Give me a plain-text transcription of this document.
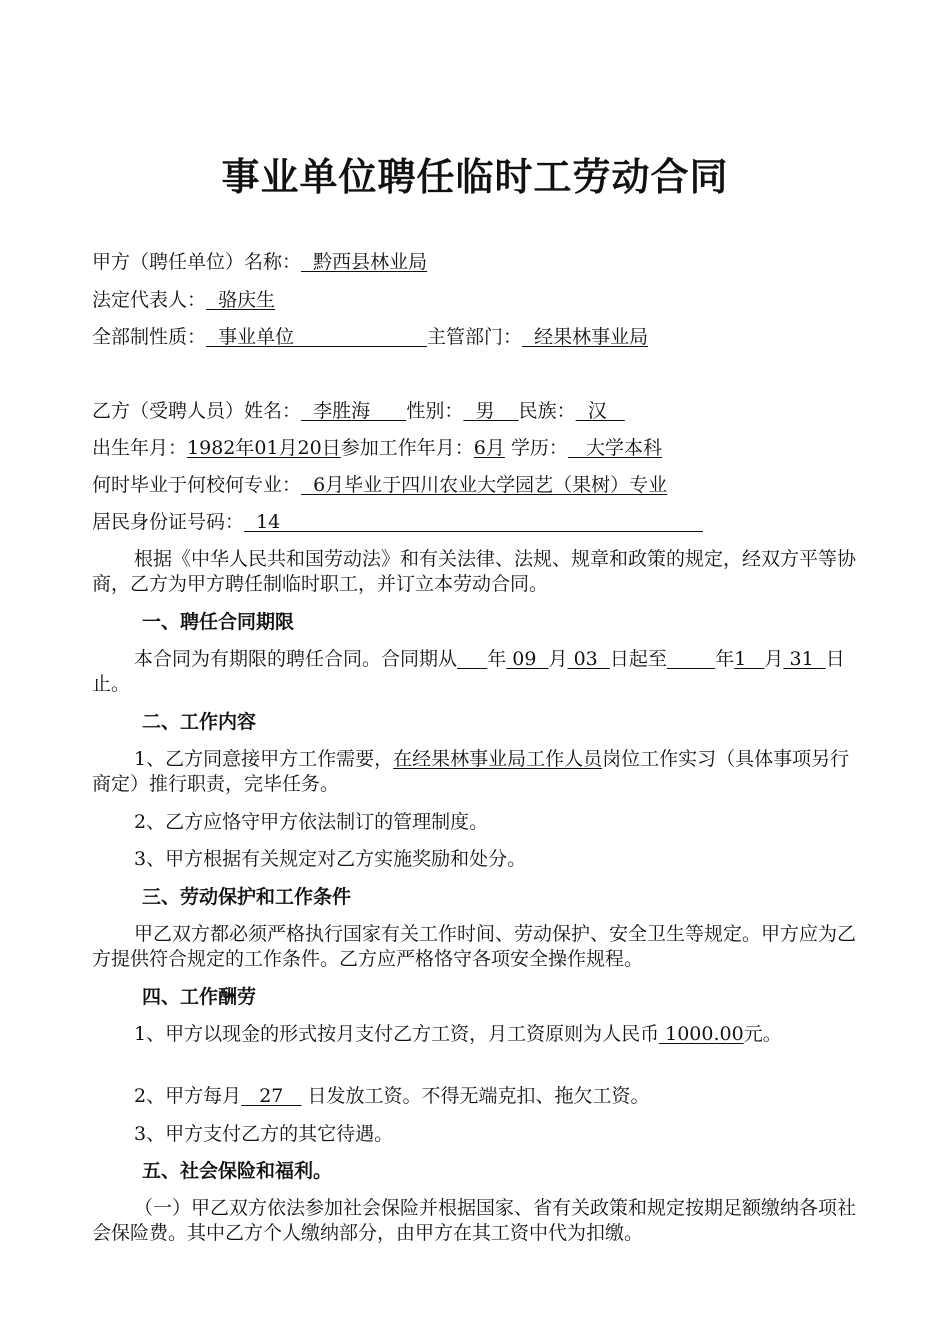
事业单位聘任临时工劳动合同
甲方（聘任单位）名称：  黔西县林业局
法定代表人：  骆庆生
全部制性质：  事业单位                      主管部门：  经果林事业局
乙方（受聘人员）姓名：  李胜海      性别：  男    民族：  汉
出生年月：1982年01月20日参加工作年月：6月 学历：   大学本科
何时毕业于何校何专业：  6月毕业于四川农业大学园艺（果树）专业
居民身份证号码：  14
根据《中华人民共和国劳动法》和有关法律、法规、规章和政策的规定，经双方平等协商，乙方为甲方聘任制临时职工，并订立本劳动合同。
一、聘任合同期限
本合同为有期限的聘任合同。合同期从 年 09  月 03  日起至	年1   月 31  日止。
二、工作内容
1、乙方同意接甲方工作需要，在经果林事业局工作人员岗位工作实习（具体事项另行商定）推行职责，完毕任务。
2、乙方应恪守甲方依法制订的管理制度。
3、甲方根据有关规定对乙方实施奖励和处分。
三、劳动保护和工作条件
甲乙双方都必须严格执行国家有关工作时间、劳动保护、安全卫生等规定。甲方应为乙方提供符合规定的工作条件。乙方应严格恪守各项安全操作规程。
四、工作酬劳
1、甲方以现金的形式按月支付乙方工资，月工资原则为人民币 1000.00元。
2、甲方每月   27    日发放工资。不得无端克扣、拖欠工资。
3、甲方支付乙方的其它待遇。
五、社会保险和福利。
（一）甲乙双方依法参加社会保险并根据国家、省有关政策和规定按期足额缴纳各项社会保险费。其中乙方个人缴纳部分，由甲方在其工资中代为扣缴。
